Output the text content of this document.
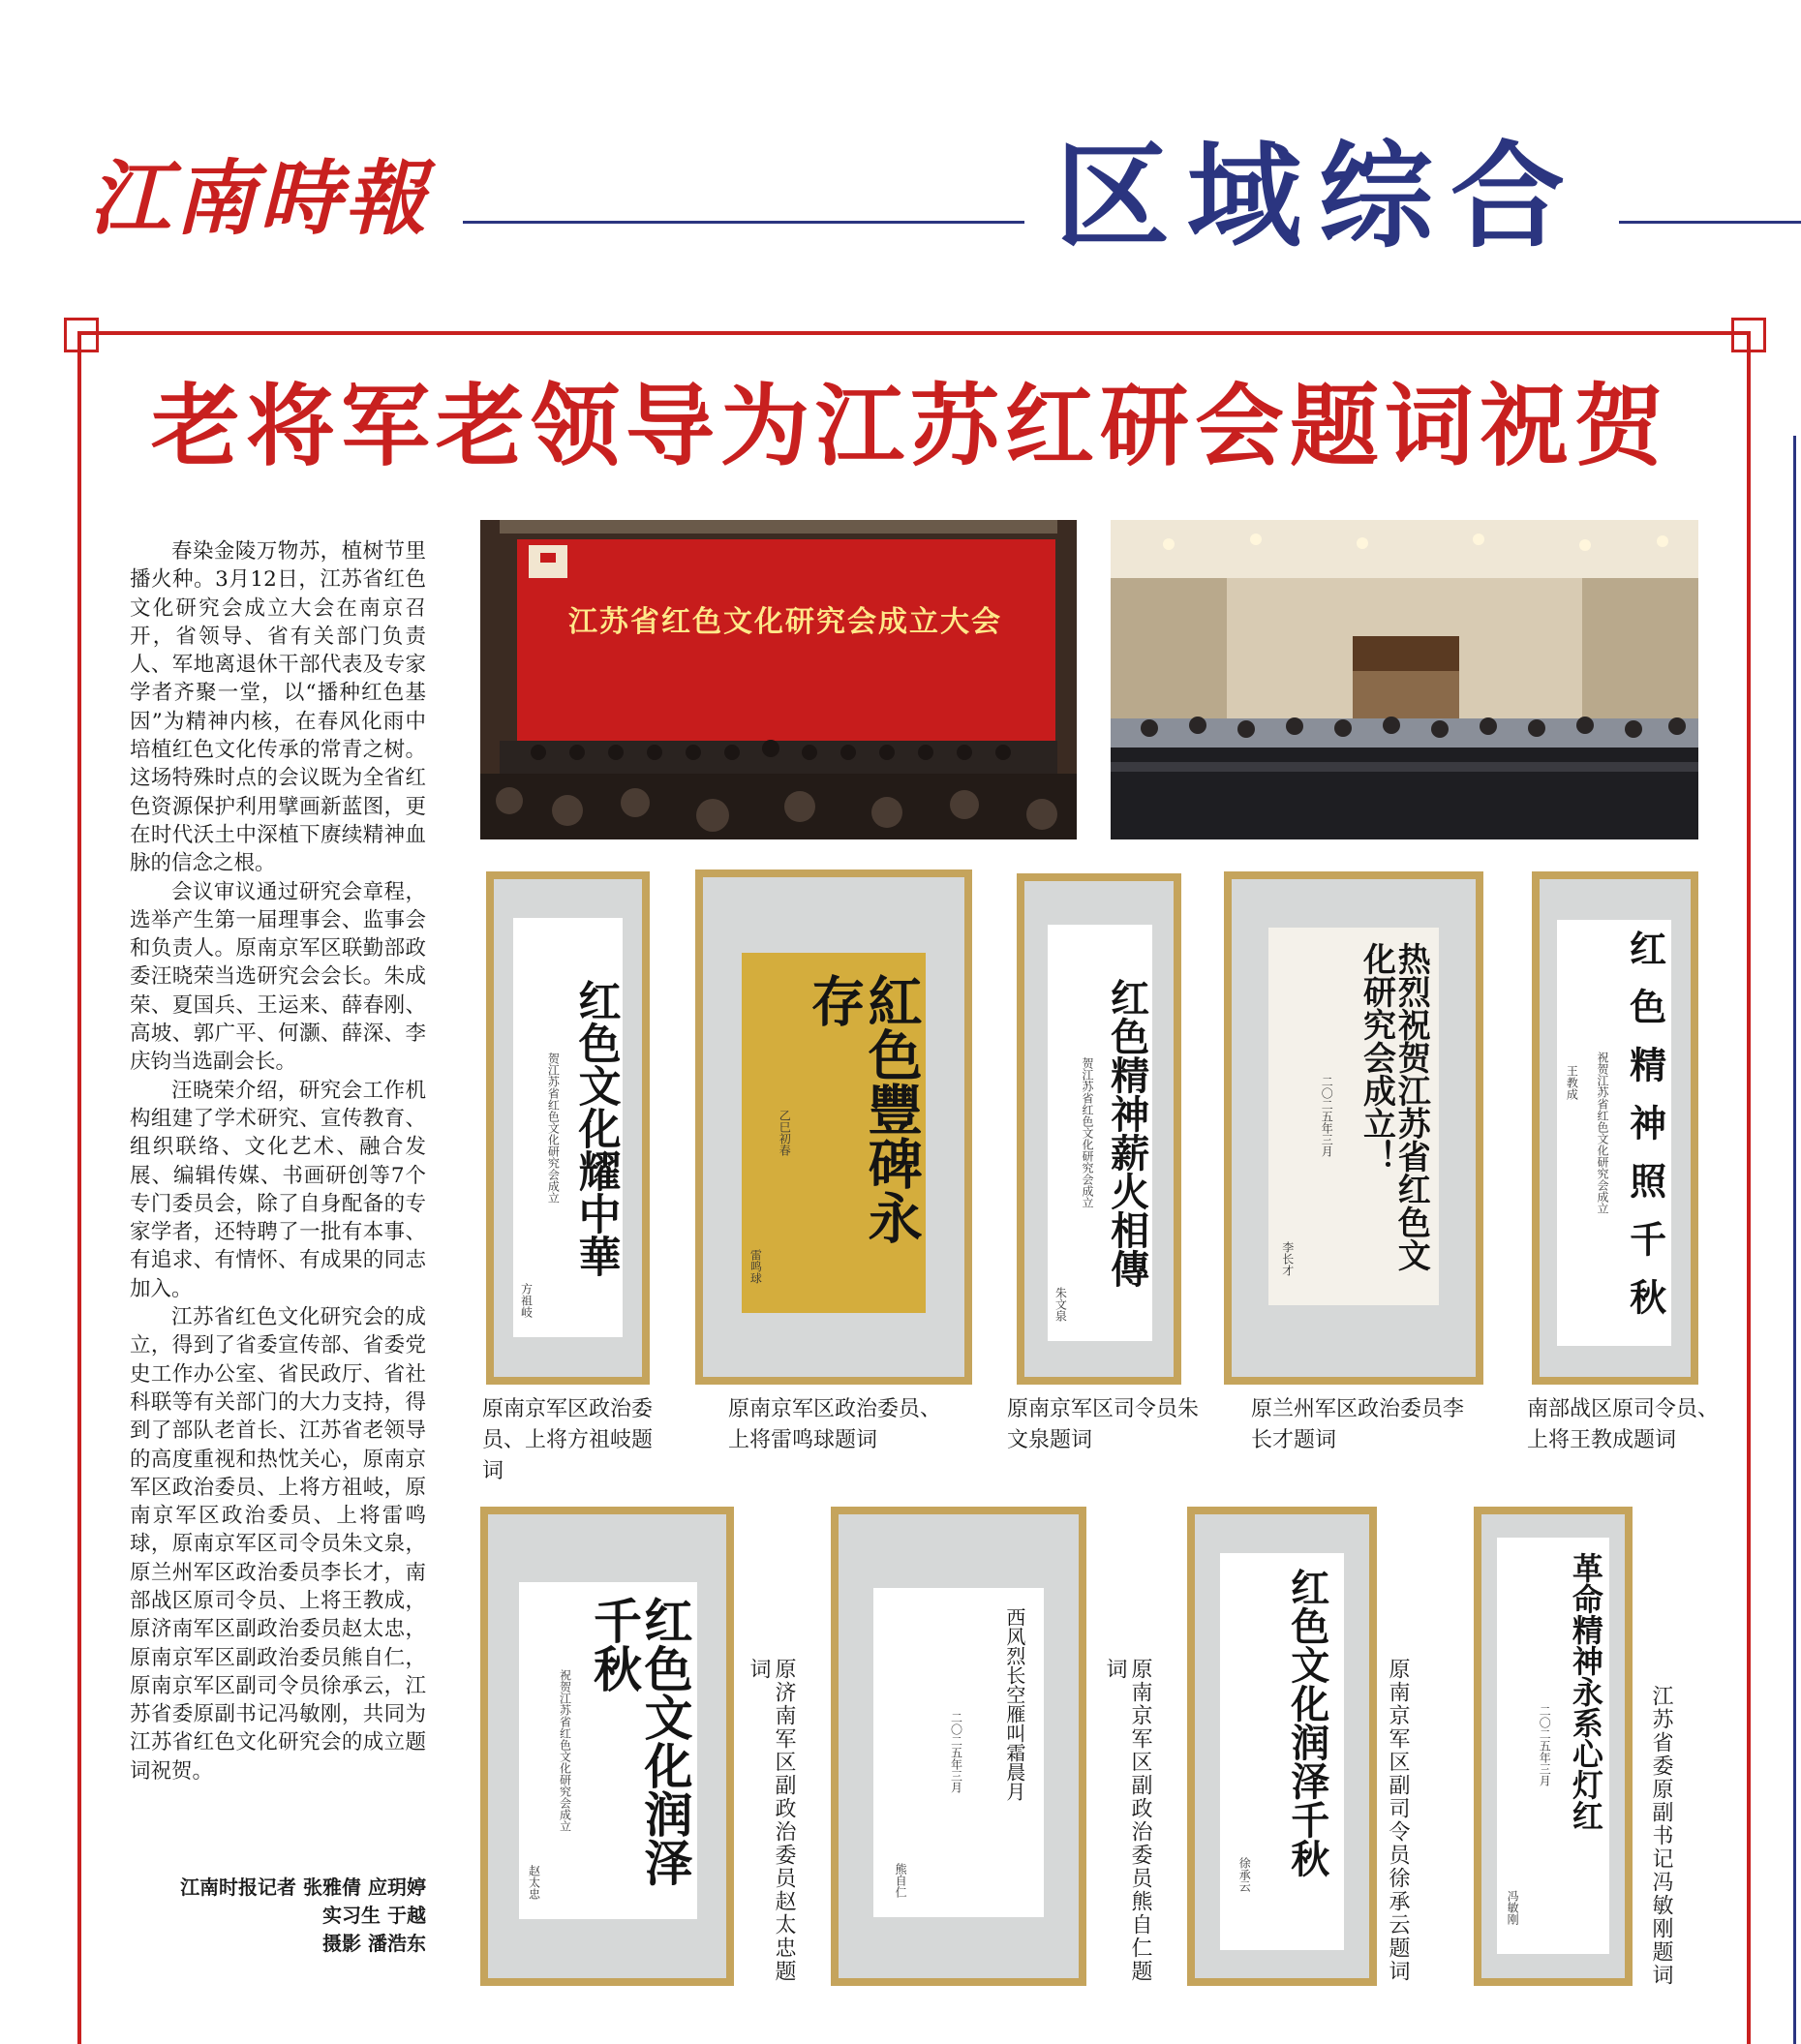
江南時報	区域综合
老将军老领导为江苏红研会题词祝贺

春染金陵万物苏，植树节里播火种。3月12日，江苏省红色文化研究会成立大会在南京召开，省领导、省有关部门负责人、军地离退休干部代表及专家学者齐聚一堂，以“播种红色基因”为精神内核，在春风化雨中培植红色文化传承的常青之树。这场特殊时点的会议既为全省红色资源保护利用擘画新蓝图，更在时代沃土中深植下赓续精神血脉的信念之根。

会议审议通过研究会章程，选举产生第一届理事会、监事会和负责人。原南京军区联勤部政委汪晓荣当选研究会会长。朱成荣、夏国兵、王运来、薛春刚、高坡、郭广平、何灏、薛深、李庆钧当选副会长。

汪晓荣介绍，研究会工作机构组建了学术研究、宣传教育、组织联络、文化艺术、融合发展、编辑传媒、书画研创等7个专门委员会，除了自身配备的专家学者，还特聘了一批有本事、有追求、有情怀、有成果的同志加入。

江苏省红色文化研究会的成立，得到了省委宣传部、省委党史工作办公室、省民政厅、省社科联等有关部门的大力支持，得到了部队老首长、江苏省老领导的高度重视和热忱关心，原南京军区政治委员、上将方祖岐，原南京军区政治委员、上将雷鸣球，原南京军区司令员朱文泉，原兰州军区政治委员李长才，南部战区原司令员、上将王教成，原济南军区副政治委员赵太忠，原南京军区副政治委员熊自仁，原南京军区副司令员徐承云，江苏省委原副书记冯敏刚，共同为江苏省红色文化研究会的成立题词祝贺。

江南时报记者 张雅倩 应玥婷
实习生 于越
摄影 潘浩东
江苏省红色文化研究会成立大会
红色文化耀中華
贺江苏省红色文化研究会成立
方祖岐
原南京军区政治委员、上将方祖岐题词
紅色豐碑永存
乙巳初春
雷鸣球
原南京军区政治委员、上将雷鸣球题词
红色精神薪火相傳
贺江苏省红色文化研究会成立
朱文泉
原南京军区司令员朱文泉题词
热烈祝贺江苏省红色文化研究会成立！
二〇二五年三月
李长才
原兰州军区政治委员李长才题词
红色精神照千秋
祝贺江苏省红色文化研究会成立
王教成
南部战区原司令员、上将王教成题词
红色文化润泽千秋
祝贺江苏省红色文化研究会成立
赵太忠	原济南军区副政治委员赵太忠题词	西风烈长空雁叫霜晨月
二〇二五年三月
熊自仁	原南京军区副政治委员熊自仁题词	红色文化润泽千秋
徐承云	原南京军区副司令员徐承云题词	革命精神永系心灯红
二〇二五年三月
冯敏刚	江苏省委原副书记冯敏刚题词
